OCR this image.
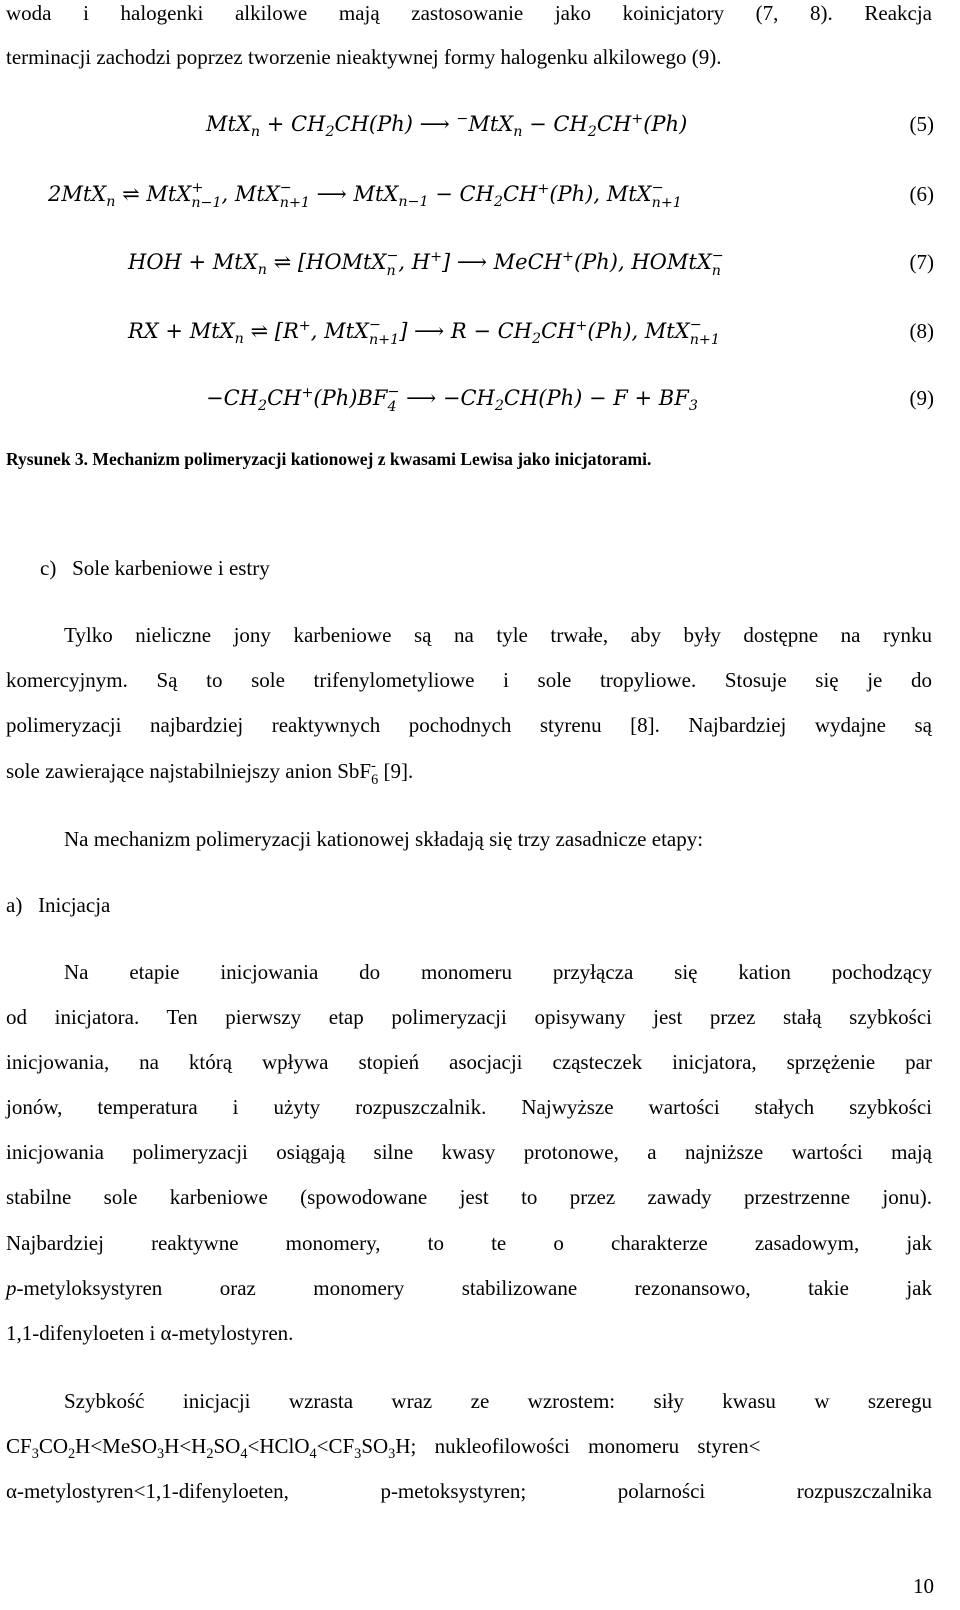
woda i halogenki alkilowe mają zastosowanie jako koinicjatory (7, 8). Reakcja
terminacji zachodzi poprzez tworzenie nieaktywnej formy halogenku alkilowego (9).
$MtX_n + CH_2CH(Ph)$ ⟶ $^-MtX_n - CH_2CH^+(Ph)$	(5)
2MtX$_n$ ⇌ MtX +
n−1 , MtX −
n+1 ⟶ $MtX_{n-1} - CH_2CH^+(Ph)$, MtX −
n+1	(6)
HOH + MtX$_n$ ⇌ [HOMtX −
n , H+] ⟶ MeCH+(Ph), HOMtX −
n	(7)
RX + MtX$_n$ ⇌ [R+, MtX −
n+1 ] ⟶ $R - CH_2CH^+(Ph)$, MtX −
n+1	(8)
$-CH_2CH^+(Ph)BF$ −
4 ⟶ $-CH_2CH(Ph) - F + BF_3$	(9)
Rysunek 3. Mechanizm polimeryzacji kationowej z kwasami Lewisa jako inicjatorami.
c)   Sole karbeniowe i estry
Tylko nieliczne jony karbeniowe są na tyle trwałe, aby były dostępne na rynku
komercyjnym. Są to sole trifenylometyliowe i sole tropyliowe. Stosuje się je do
polimeryzacji najbardziej reaktywnych pochodnych styrenu [8]. Najbardziej wydajne są
sole zawierające najstabilniejszy anion SbF -
6 [9].
Na mechanizm polimeryzacji kationowej składają się trzy zasadnicze etapy:
a)   Inicjacja
Na etapie inicjowania do monomeru przyłącza się kation pochodzący
od inicjatora. Ten pierwszy etap polimeryzacji opisywany jest przez stałą szybkości
inicjowania, na którą wpływa stopień asocjacji cząsteczek inicjatora, sprzężenie par
jonów, temperatura i użyty rozpuszczalnik. Najwyższe wartości stałych szybkości
inicjowania polimeryzacji osiągają silne kwasy protonowe, a najniższe wartości mają
stabilne sole karbeniowe (spowodowane jest to przez zawady przestrzenne jonu).
Najbardziej reaktywne monomery, to te o charakterze zasadowym, jak
p-metyloksystyren oraz monomery stabilizowane rezonansowo, takie jak
1,1-difenyloeten i α-metylostyren.
Szybkość inicjacji wzrasta wraz ze wzrostem: siły kwasu w szeregu
$CF_3CO_2H<MeSO_3H<H_2SO_4<HClO_4<CF_3SO_3H$; nukleofilowości monomeru styren<
α-metylostyren<1,1-difenyloeten, p-metoksystyren; polarności rozpuszczalnika
10
